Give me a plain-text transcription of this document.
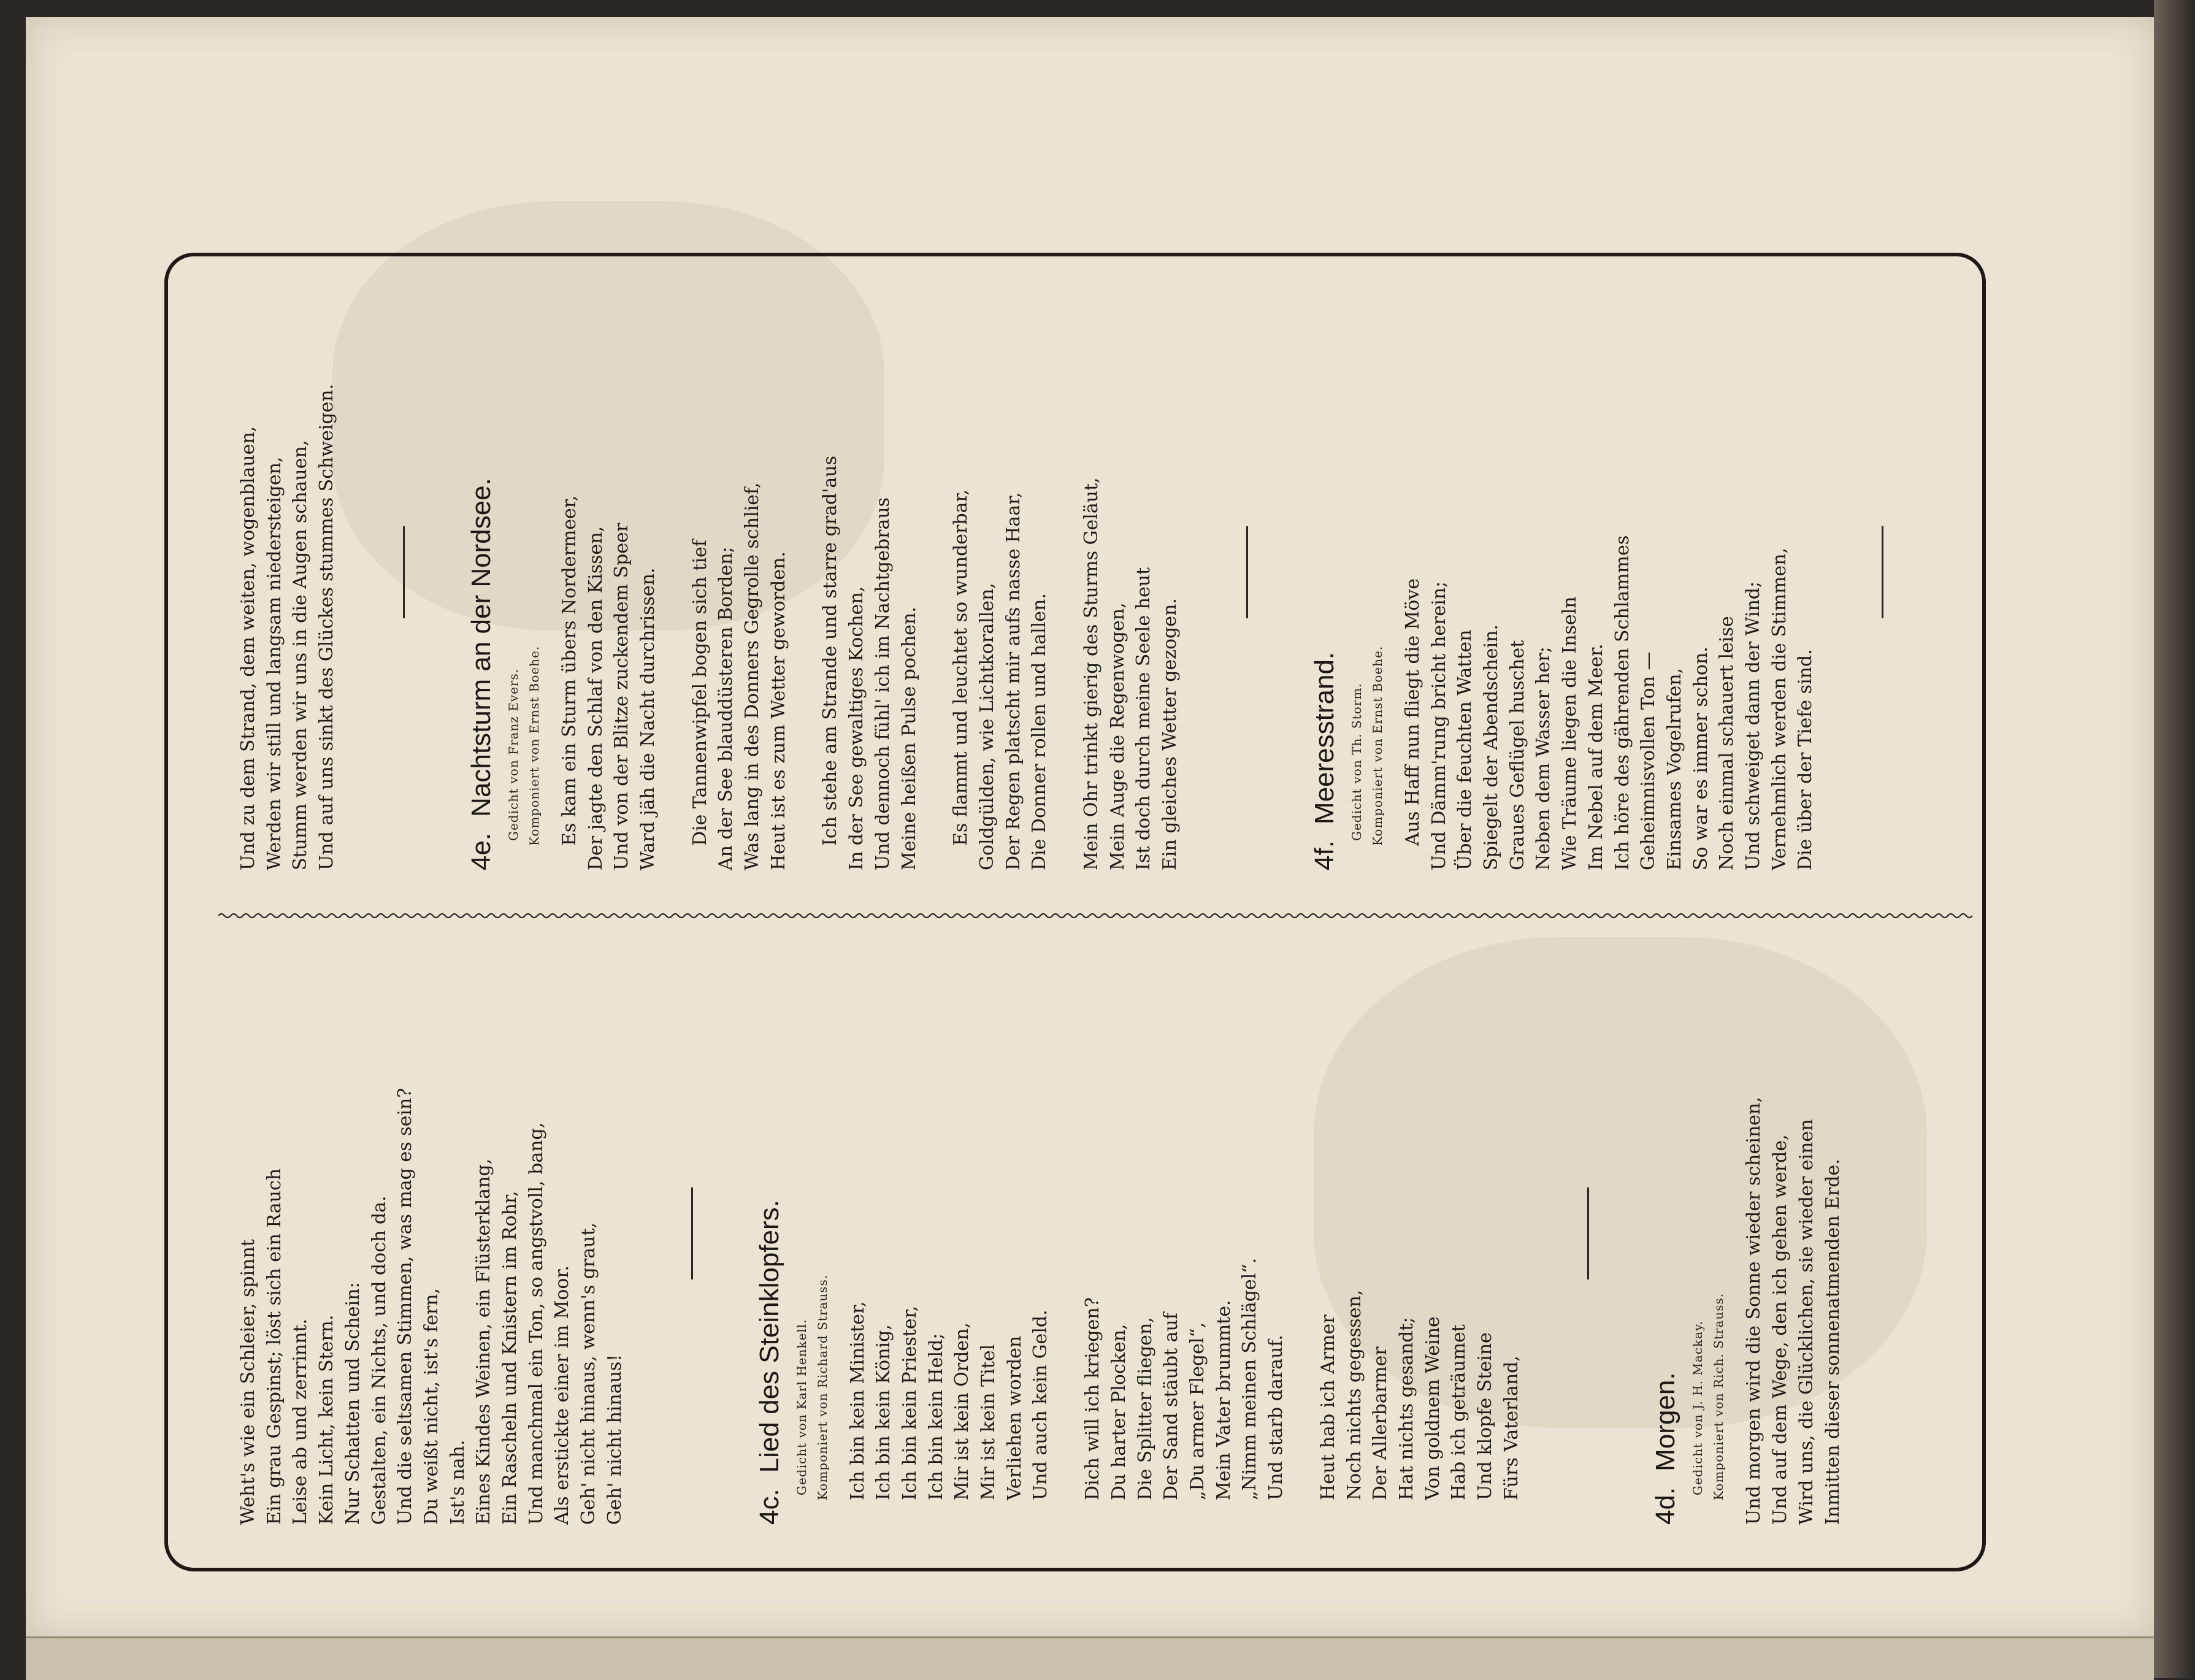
Weht's wie ein Schleier, spinnt Ein grau Gespinst; löst sich ein Rauch Leise ab und zerrinnt. Kein Licht, kein Stern. Nur Schatten und Schein: Gestalten, ein Nichts, und doch da. Und die seltsamen Stimmen, was mag es sein? Du weißt nicht, ist's fern, Ist's nah. Eines Kindes Weinen, ein Flüsterklang, Ein Rascheln und Knistern im Rohr, Und manchmal ein Ton, so angstvoll, bang, Als erstickte einer im Moor. Geh' nicht hinaus, wenn's graut, Geh' nicht hinaus!	4c.Lied des Steinklopfers. Gedicht von Karl Henkell. Komponiert von Richard Strauss. Ich bin kein Minister, Ich bin kein König, Ich bin kein Priester, Ich bin kein Held; Mir ist kein Orden, Mir ist kein Titel Verliehen worden Und auch kein Geld. Dich will ich kriegen? Du harter Plocken, Die Splitter fliegen, Der Sand stäubt auf „Du armer Flegel“, Mein Vater brummte. „Nimm meinen Schlägel“. Und starb darauf. Heut hab ich Armer Noch nichts gegessen, Der Allerbarmer Hat nichts gesandt; Von goldnem Weine Hab ich geträumet Und klopfe Steine Fürs Vaterland,
4d.Morgen. Gedicht von J. H. Mackay. Komponiert von Rich. Strauss. Und morgen wird die Sonne wieder scheinen, Und auf dem Wege, den ich gehen werde, Wird uns, die Glücklichen, sie wieder einen Inmitten dieser sonnenatmenden Erde.
Und zu dem Strand, dem weiten, wogenblauen, Werden wir still und langsam niedersteigen, Stumm werden wir uns in die Augen schauen, Und auf uns sinkt des Glückes stummes Schweigen.	4e.Nachtsturm an der Nordsee. Gedicht von Franz Evers. Komponiert von Ernst Boehe. Es kam ein Sturm übers Nordermeer, Der jagte den Schlaf von den Kissen, Und von der Blitze zuckendem Speer Ward jäh die Nacht durchrissen. Die Tannenwipfel bogen sich tief An der See blauddüsteren Borden; Was lang in des Donners Gegrolle schlief, Heut ist es zum Wetter geworden. Ich stehe am Strande und starre grad'aus In der See gewaltiges Kochen, Und dennoch fühl' ich im Nachtgebraus Meine heißen Pulse pochen. Es flammt und leuchtet so wunderbar, Goldgülden, wie Lichtkorallen, Der Regen platscht mir aufs nasse Haar, Die Donner rollen und hallen. Mein Ohr trinkt gierig des Sturms Geläut, Mein Auge die Regenwogen, Ist doch durch meine Seele heut Ein gleiches Wetter gezogen.	4f.Meeresstrand. Gedicht von Th. Storm. Komponiert von Ernst Boehe. Aus Haff nun fliegt die Möve Und Dämm'rung bricht herein; Über die feuchten Watten Spiegelt der Abendschein. Graues Geflügel huschet Neben dem Wasser her; Wie Träume liegen die Inseln Im Nebel auf dem Meer. Ich höre des gährenden Schlammes Geheimnisvollen Ton — Einsames Vogelrufen, So war es immer schon. Noch einmal schauert leise Und schweiget dann der Wind; Vernehmlich werden die Stimmen, Die über der Tiefe sind.
